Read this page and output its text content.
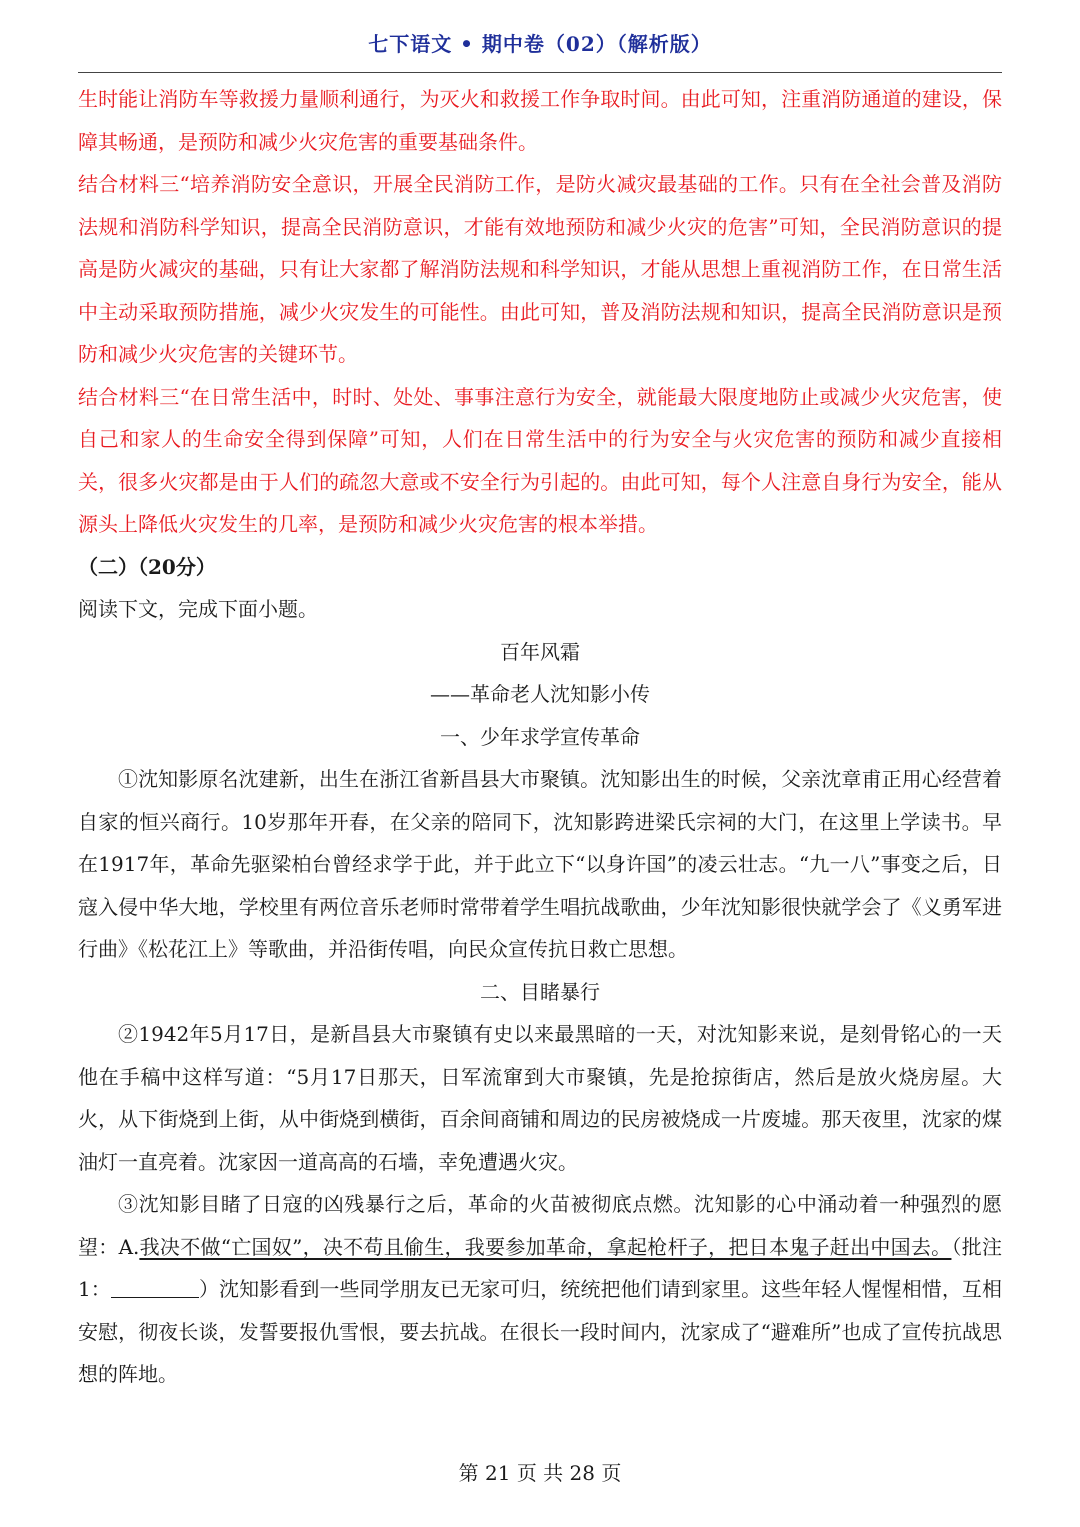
七下语文 • 期中卷（02）（解析版）

生时能让消防车等救援力量顺利通行，为灭火和救援工作争取时间。由此可知，注重消防通道的建设，保障其畅通，是预防和减少火灾危害的重要基础条件。

结合材料三“培养消防安全意识，开展全民消防工作，是防火减灾最基础的工作。只有在全社会普及消防法规和消防科学知识，提高全民消防意识，才能有效地预防和减少火灾的危害”可知，全民消防意识的提高是防火减灾的基础，只有让大家都了解消防法规和科学知识，才能从思想上重视消防工作，在日常生活中主动采取预防措施，减少火灾发生的可能性。由此可知，普及消防法规和知识，提高全民消防意识是预防和减少火灾危害的关键环节。

结合材料三“在日常生活中，时时、处处、事事注意行为安全，就能最大限度地防止或减少火灾危害，使自己和家人的生命安全得到保障”可知，人们在日常生活中的行为安全与火灾危害的预防和减少直接相关，很多火灾都是由于人们的疏忽大意或不安全行为引起的。由此可知，每个人注意自身行为安全，能从源头上降低火灾发生的几率，是预防和减少火灾危害的根本举措。

（二）（20分）

阅读下文，完成下面小题。

百年风霜

——革命老人沈知影小传

一、少年求学宣传革命

①沈知影原名沈建新，出生在浙江省新昌县大市聚镇。沈知影出生的时候，父亲沈章甫正用心经营着自家的恒兴商行。10岁那年开春，在父亲的陪同下，沈知影跨进梁氏宗祠的大门，在这里上学读书。早在1917年，革命先驱梁柏台曾经求学于此，并于此立下“以身许国”的凌云壮志。“九一八”事变之后，日寇入侵中华大地，学校里有两位音乐老师时常带着学生唱抗战歌曲，少年沈知影很快就学会了《义勇军进行曲》《松花江上》等歌曲，并沿街传唱，向民众宣传抗日救亡思想。

二、目睹暴行

②1942年5月17日，是新昌县大市聚镇有史以来最黑暗的一天，对沈知影来说，是刻骨铭心的一天他在手稿中这样写道：“5月17日那天，日军流窜到大市聚镇，先是抢掠街店，然后是放火烧房屋。大火，从下街烧到上街，从中街烧到横街，百余间商铺和周边的民房被烧成一片废墟。那天夜里，沈家的煤油灯一直亮着。沈家因一道高高的石墙，幸免遭遇火灾。

③沈知影目睹了日寇的凶残暴行之后，革命的火苗被彻底点燃。沈知影的心中涌动着一种强烈的愿望：A.我决不做“亡国奴”，决不苟且偷生，我要参加革命，拿起枪杆子，把日本鬼子赶出中国去。（批注1：	）沈知影看到一些同学朋友已无家可归，统统把他们请到家里。这些年轻人惺惺相惜，互相安慰，彻夜长谈，发誓要报仇雪恨，要去抗战。在很长一段时间内，沈家成了“避难所”也成了宣传抗战思想的阵地。

第 21 页 共 28 页
